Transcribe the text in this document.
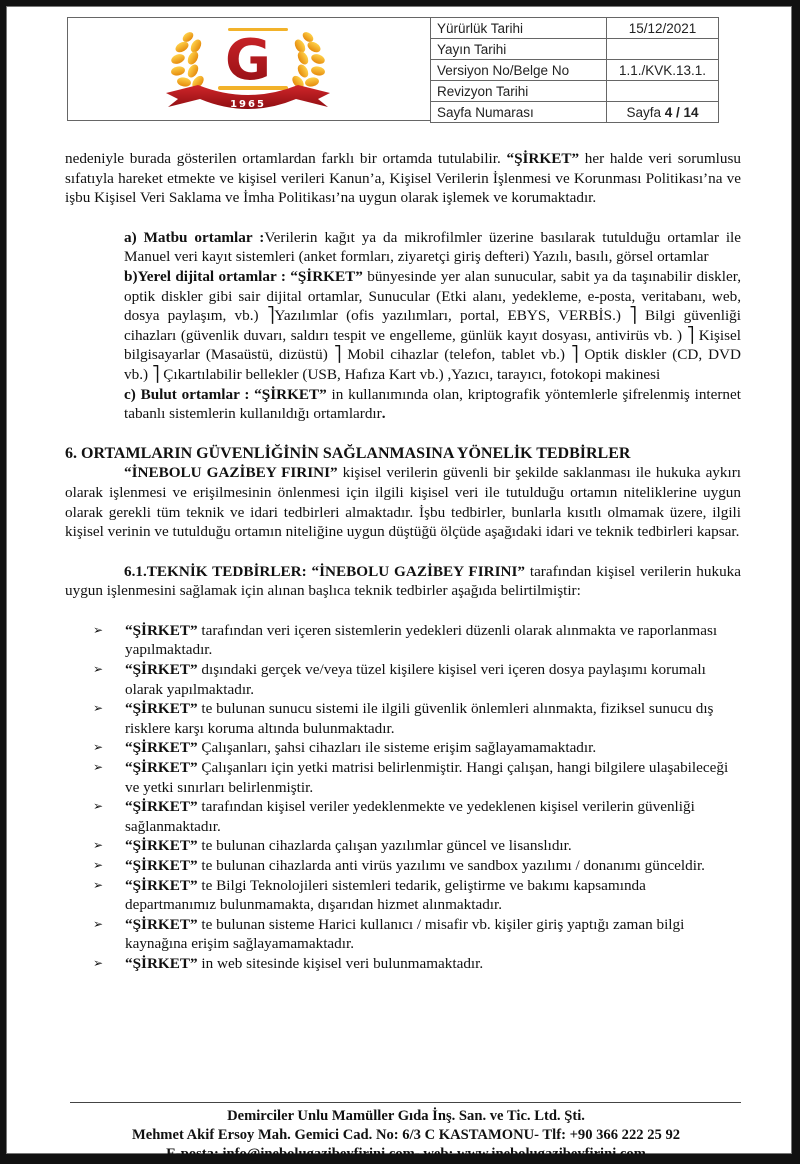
1965
G	Yürürlük Tarihi	15/12/2021
Yayın Tarihi	
Versiyon No/Belge No	1.1./KVK.13.1.
Revizyon Tarihi	
Sayfa Numarası	Sayfa 4 / 14

nedeniyle burada gösterilen ortamlardan farklı bir ortamda tutulabilir. “ŞİRKET” her halde veri sorumlusu sıfatıyla hareket etmekte ve kişisel verileri Kanun’a, Kişisel Verilerin İşlenmesi ve Korunması Politikası’na ve işbu Kişisel Veri Saklama ve İmha Politikası’na uygun olarak işlemek ve korumaktadır.

a) Matbu ortamlar :Verilerin kağıt ya da mikrofilmler üzerine basılarak tutulduğu ortamlar ile Manuel veri kayıt sistemleri (anket formları, ziyaretçi giriş defteri) Yazılı, basılı, görsel ortamlar

b)Yerel dijital ortamlar : “ŞİRKET” bünyesinde yer alan sunucular, sabit ya da taşınabilir diskler, optik diskler gibi sair dijital ortamlar, Sunucular (Etki alanı, yedekleme, e-posta, veritabanı, web, dosya paylaşım, vb.) ⎤Yazılımlar (ofis yazılımları, portal, EBYS, VERBİS.) ⎤ Bilgi güvenliği cihazları (güvenlik duvarı, saldırı tespit ve engelleme, günlük kayıt dosyası, antivirüs vb. ) ⎤ Kişisel bilgisayarlar (Masaüstü, dizüstü) ⎤ Mobil cihazlar (telefon, tablet vb.) ⎤ Optik diskler (CD, DVD vb.) ⎤ Çıkartılabilir bellekler (USB, Hafıza Kart vb.) ,Yazıcı, tarayıcı, fotokopi makinesi

c) Bulut ortamlar : “ŞİRKET” in kullanımında olan, kriptografik yöntemlerle şifrelenmiş internet tabanlı sistemlerin kullanıldığı ortamlardır.

6. ORTAMLARIN GÜVENLİĞİNİN SAĞLANMASINA YÖNELİK TEDBİRLER

“İNEBOLU GAZİBEY FIRINI” kişisel verilerin güvenli bir şekilde saklanması ile hukuka aykırı olarak işlenmesi ve erişilmesinin önlenmesi için ilgili kişisel veri ile tutulduğu ortamın niteliklerine uygun olarak gerekli tüm teknik ve idari tedbirleri almaktadır. İşbu tedbirler, bunlarla kısıtlı olmamak üzere, ilgili kişisel verinin ve tutulduğu ortamın niteliğine uygun düştüğü ölçüde aşağıdaki idari ve teknik tedbirleri kapsar.

6.1.TEKNİK TEDBİRLER: “İNEBOLU GAZİBEY FIRINI” tarafından kişisel verilerin hukuka uygun işlenmesini sağlamak için alınan başlıca teknik tedbirler aşağıda belirtilmiştir:

➢ “ŞİRKET” tarafından veri içeren sistemlerin yedekleri düzenli olarak alınmakta ve raporlanması yapılmaktadır.
➢ “ŞİRKET” dışındaki gerçek ve/veya tüzel kişilere kişisel veri içeren dosya paylaşımı korumalı olarak yapılmaktadır.
➢ “ŞİRKET” te bulunan sunucu sistemi ile ilgili güvenlik önlemleri alınmakta, fiziksel sunucu dış risklere karşı koruma altında bulunmaktadır.
➢ “ŞİRKET” Çalışanları, şahsi cihazları ile sisteme erişim sağlayamamaktadır.
➢ “ŞİRKET” Çalışanları için yetki matrisi belirlenmiştir. Hangi çalışan, hangi bilgilere ulaşabileceği ve yetki sınırları belirlenmiştir.
➢ “ŞİRKET” tarafından kişisel veriler yedeklenmekte ve yedeklenen kişisel verilerin güvenliği sağlanmaktadır.
➢ “ŞİRKET” te bulunan cihazlarda çalışan yazılımlar güncel ve lisanslıdır.
➢ “ŞİRKET” te bulunan cihazlarda anti virüs yazılımı ve sandbox yazılımı / donanımı günceldir.
➢ “ŞİRKET” te Bilgi Teknolojileri sistemleri tedarik, geliştirme ve bakımı kapsamında departmanımız bulunmamakta, dışarıdan hizmet alınmaktadır.
➢ “ŞİRKET” te bulunan sisteme Harici kullanıcı / misafir vb. kişiler giriş yaptığı zaman bilgi kaynağına erişim sağlayamamaktadır.
➢ “ŞİRKET” in web sitesinde kişisel veri bulunmamaktadır.
Demirciler Unlu Mamüller Gıda İnş. San. ve Tic. Ltd. Şti.
Mehmet Akif Ersoy Mah. Gemici Cad. No: 6/3 C KASTAMONU- Tlf: +90 366 222 25 92
